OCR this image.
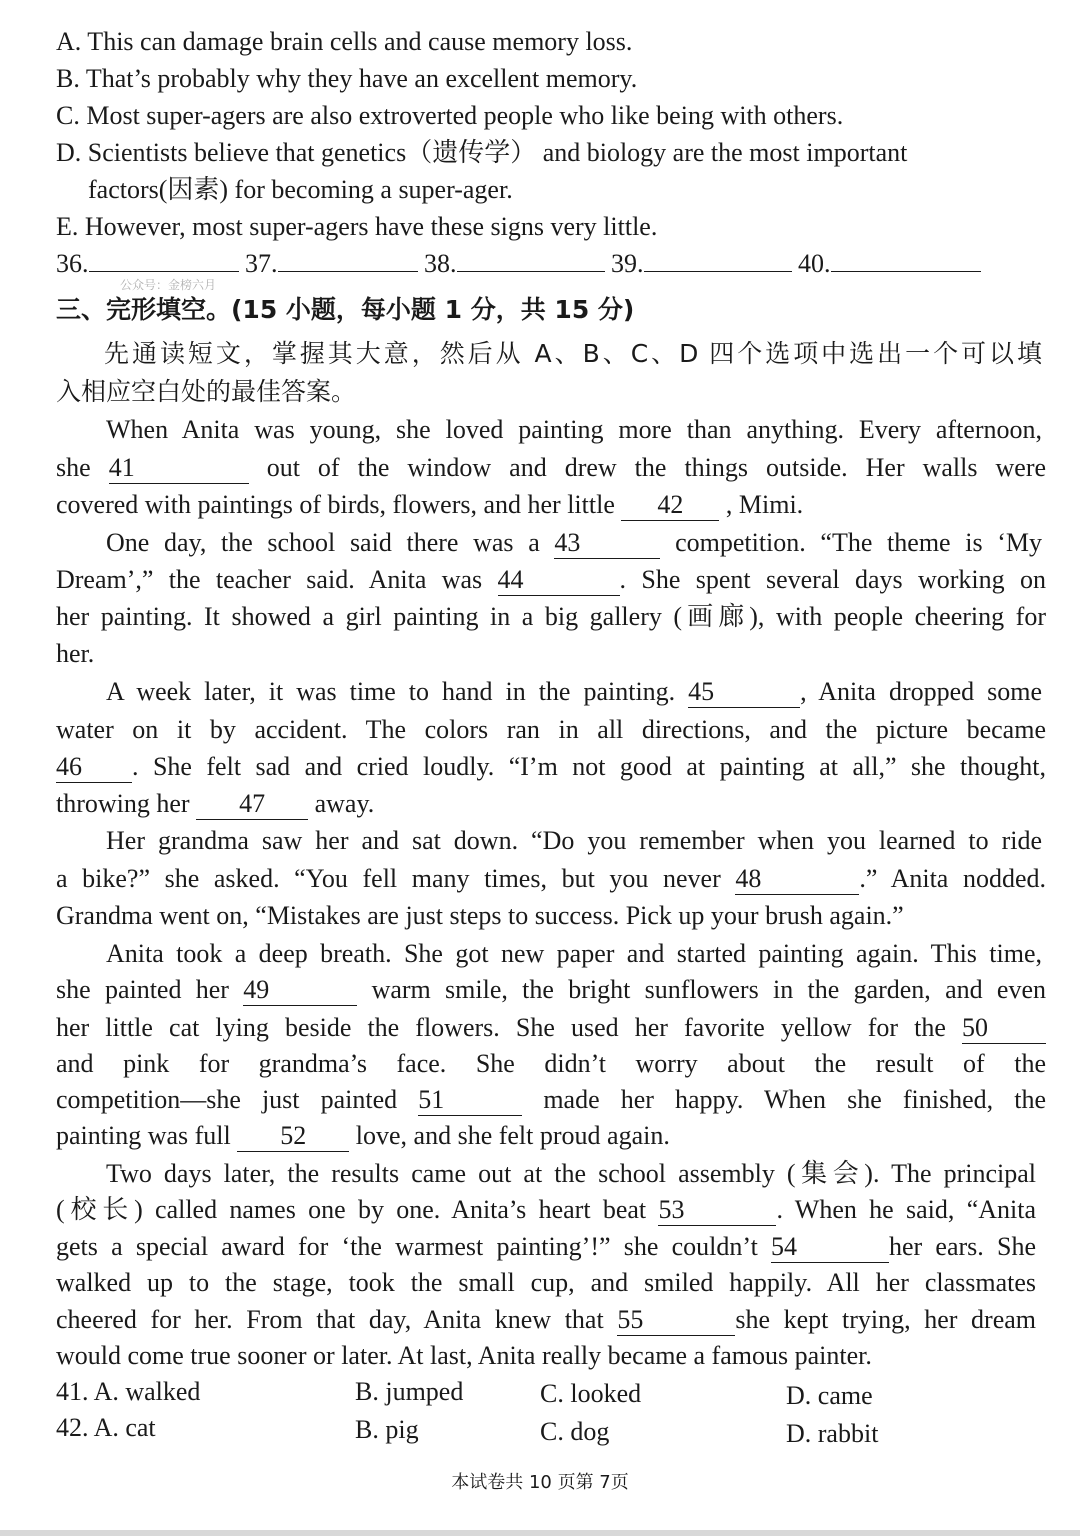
A. This can damage brain cells and cause memory loss.
B. That’s probably why they have an excellent memory.
C. Most super-agers are also extroverted people who like being with others.
D. Scientists believe that genetics（遗传学） and biology are the most important
factors(因素) for becoming a super-ager.
E. However, most super-agers have these signs very little.
36.	37.	38.	39.	40.
公众号：金榜六月
三、完形填空。(15 小题，每小题 1 分，共 15 分)
先通读短文，掌握其大意，然后从 A、B、C、D 四个选项中选出一个可以填
入相应空白处的最佳答案。
When Anita was young, she loved painting more than anything. Every afternoon,
she 41	out of the window and drew the things outside. Her walls were
covered with paintings of birds, flowers, and her little 42 , Mimi.
One day, the school said there was a 43	competition. “The theme is ‘My
Dream’,” the teacher said. Anita was 44	. She spent several days working on
her painting. It showed a girl painting in a big gallery (画廊), with people cheering for
her.
A week later, it was time to hand in the painting. 45	, Anita dropped some
water on it by accident. The colors ran in all directions, and the picture became
46 . She felt sad and cried loudly. “I’m not good at painting at all,” she thought,
throwing her 47 away.
Her grandma saw her and sat down. “Do you remember when you learned to ride
a bike?” she asked. “You fell many times, but you never 48	.” Anita nodded.
Grandma went on, “Mistakes are just steps to success. Pick up your brush again.”
Anita took a deep breath. She got new paper and started painting again. This time,
she painted her 49	warm smile, the bright sunflowers in the garden, and even
her little cat lying beside the flowers. She used her favorite yellow for the 50
and pink for grandma’s face. She didn’t worry about the result of the
competition—she just painted 51	made her happy. When she finished, the
painting was full 52 love, and she felt proud again.
Two days later, the results came out at the school assembly (集会). The principal
(校长) called names one by one. Anita’s heart beat 53	. When he said, “Anita
gets a special award for ‘the warmest painting’!” she couldn’t 54	her ears. She
walked up to the stage, took the small cup, and smiled happily. All her classmates
cheered for her. From that day, Anita knew that 55	she kept trying, her dream
would come true sooner or later. At last, Anita really became a famous painter.
41. A. walked	B. jumped	C. looked	D. came
42. A. cat	B. pig	C. dog	D. rabbit
本试卷共 10 页第 7页
